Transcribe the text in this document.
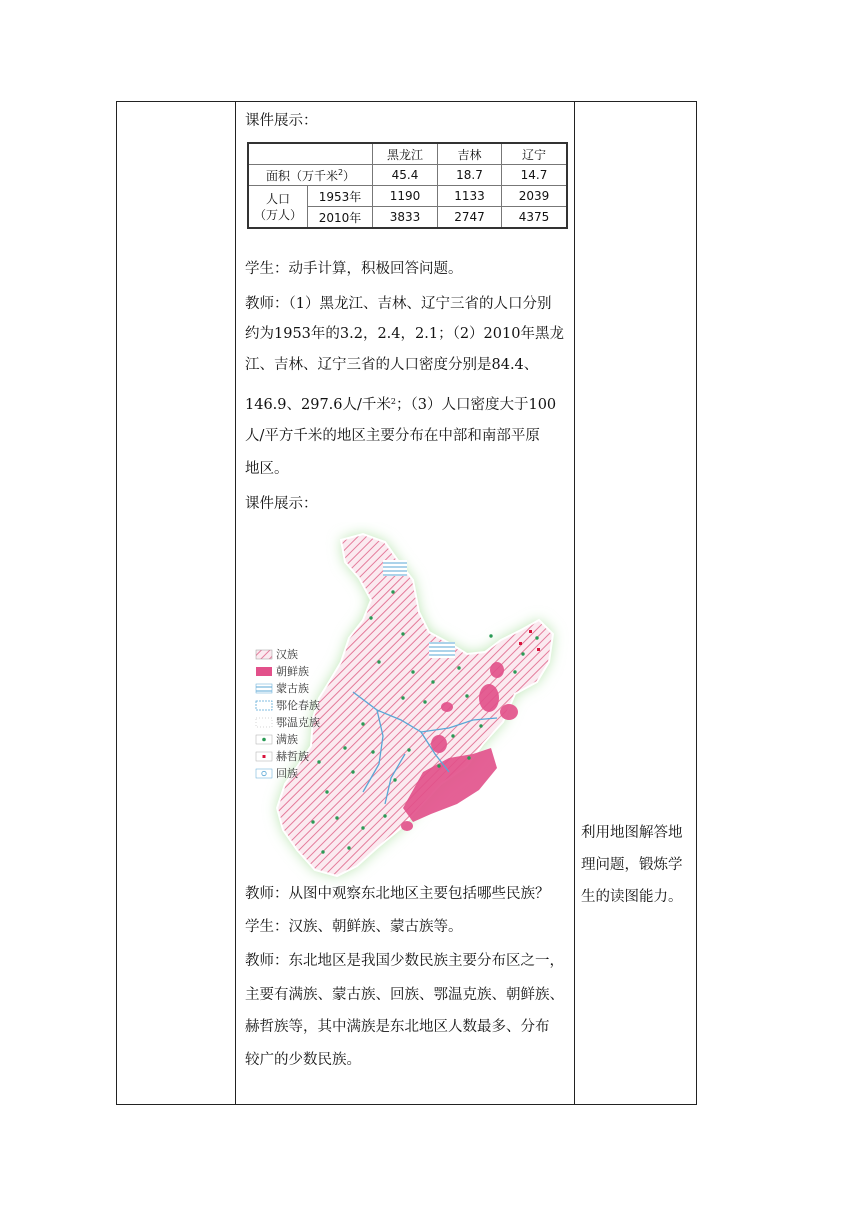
课件展示：
		黑龙江	吉林	辽宁
面积（万千米$^2$）		45.4	18.7	14.7
人口
（万人）	1953年	1190	1133	2039
	2010年	3833	2747	4375
学生：动手计算，积极回答问题。
教师：（1）黑龙江、吉林、辽宁三省的人口分别
约为1953年的3.2，2.4，2.1；（2）2010年黑龙
江、吉林、辽宁三省的人口密度分别是84.4、
146.9、297.6人/千米$^2$；（3）人口密度大于100
人/平方千米的地区主要分布在中部和南部平原
地区。
课件展示：
汉族
朝鲜族
蒙古族
鄂伦春族
鄂温克族
满族
赫哲族
回族
教师：从图中观察东北地区主要包括哪些民族？
学生：汉族、朝鲜族、蒙古族等。
教师：东北地区是我国少数民族主要分布区之一，
主要有满族、蒙古族、回族、鄂温克族、朝鲜族、
赫哲族等，其中满族是东北地区人数最多、分布
较广的少数民族。
利用地图解答地
理问题，锻炼学
生的读图能力。
